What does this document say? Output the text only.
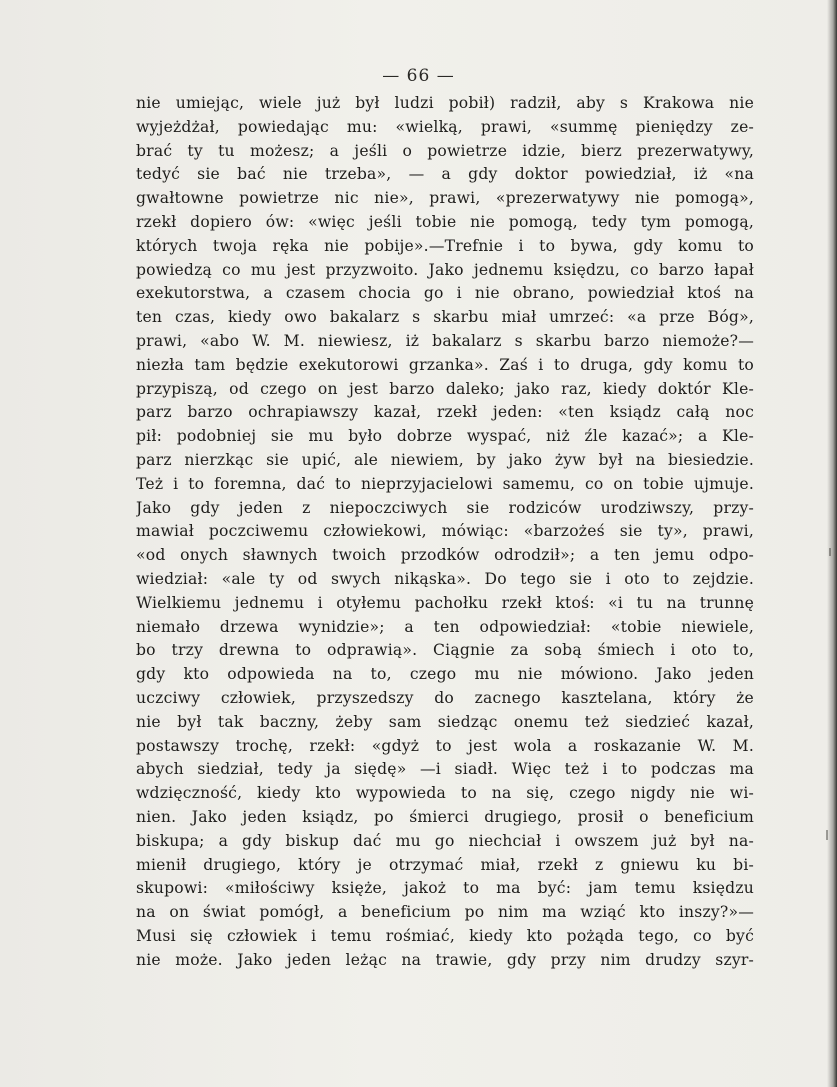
— 66 —
nie umiejąc, wiele już był ludzi pobił) radził, aby s Krakowa nie
wyjeżdżał, powiedając mu: «wielką, prawi, «summę pieniędzy ze-
brać ty tu możesz; a jeśli o powietrze idzie, bierz prezerwatywy,
tedyć sie bać nie trzeba», — a gdy doktor powiedział, iż «na
gwałtowne powietrze nic nie», prawi, «prezerwatywy nie pomogą»,
rzekł dopiero ów: «więc jeśli tobie nie pomogą, tedy tym pomogą,
których twoja ręka nie pobije».—Trefnie i to bywa, gdy komu to
powiedzą co mu jest przyzwoito. Jako jednemu księdzu, co barzo łapał
exekutorstwa, a czasem chocia go i nie obrano, powiedział ktoś na
ten czas, kiedy owo bakalarz s skarbu miał umrzeć: «a prze Bóg»,
prawi, «abo W. M. niewiesz, iż bakalarz s skarbu barzo niemoże?—
niezła tam będzie exekutorowi grzanka». Zaś i to druga, gdy komu to
przypiszą, od czego on jest barzo daleko; jako raz, kiedy doktór Kle-
parz barzo ochrapiawszy kazał, rzekł jeden: «ten ksiądz całą noc
pił: podobniej sie mu było dobrze wyspać, niż źle kazać»; a Kle-
parz nierzkąc sie upić, ale niewiem, by jako żyw był na biesiedzie.
Też i to foremna, dać to nieprzyjacielowi samemu, co on tobie ujmuje.
Jako gdy jeden z niepoczciwych sie rodziców urodziwszy, przy-
mawiał poczciwemu człowiekowi, mówiąc: «barzożeś sie ty», prawi,
«od onych sławnych twoich przodków odrodził»; a ten jemu odpo-
wiedział: «ale ty od swych nikąska». Do tego sie i oto to zejdzie.
Wielkiemu jednemu i otyłemu pachołku rzekł ktoś: «i tu na trunnę
niemało drzewa wynidzie»; a ten odpowiedział: «tobie niewiele,
bo trzy drewna to odprawią». Ciągnie za sobą śmiech i oto to,
gdy kto odpowieda na to, czego mu nie mówiono. Jako jeden
uczciwy człowiek, przyszedszy do zacnego kasztelana, który że
nie był tak baczny, żeby sam siedząc onemu też siedzieć kazał,
postawszy trochę, rzekł: «gdyż to jest wola a roskazanie W. M.
abych siedział, tedy ja siędę» —i siadł. Więc też i to podczas ma
wdzięczność, kiedy kto wypowieda to na się, czego nigdy nie wi-
nien. Jako jeden ksiądz, po śmierci drugiego, prosił o beneficium
biskupa; a gdy biskup dać mu go niechciał i owszem już był na-
mienił drugiego, który je otrzymać miał, rzekł z gniewu ku bi-
skupowi: «miłościwy księże, jakoż to ma być: jam temu księdzu
na on świat pomógł, a beneficium po nim ma wziąć kto inszy?»—
Musi się człowiek i temu rośmiać, kiedy kto pożąda tego, co być
nie może. Jako jeden leżąc na trawie, gdy przy nim drudzy szyr-
